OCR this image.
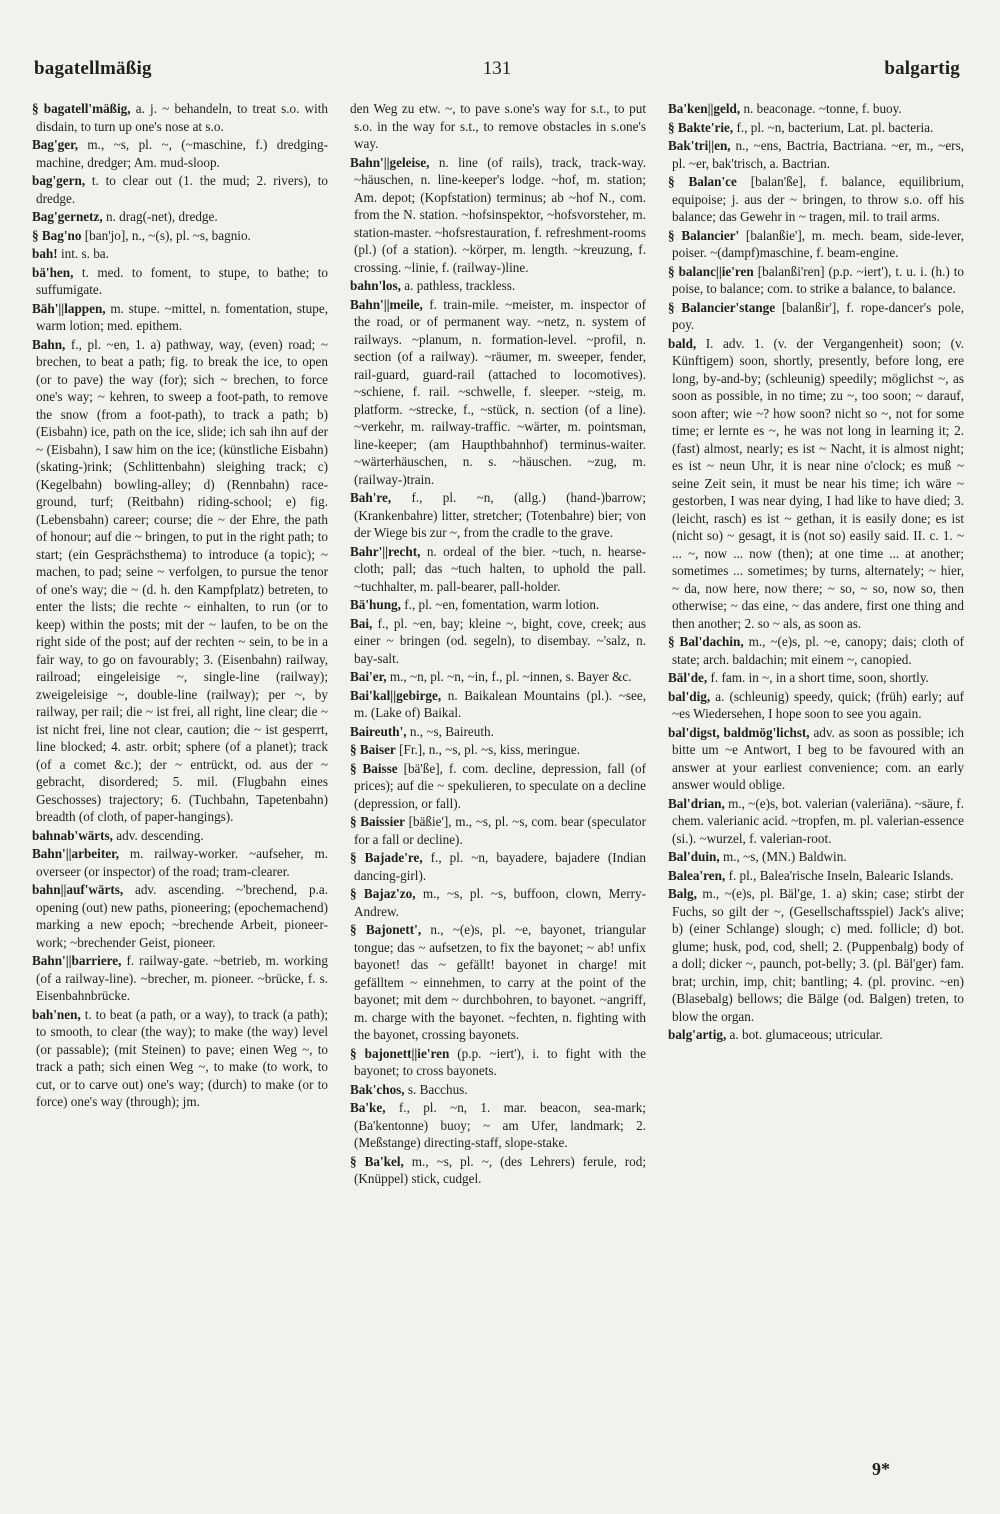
bagatellmäßig	131	balgartig

§ bagatell'mäßig, a. j. ~ behandeln, to treat s.o. with disdain, to turn up one's nose at s.o.

Bag'ger, m., ~s, pl. ~, (~maschine, f.) dredging-machine, dredger; Am. mud-sloop.

bag'gern, t. to clear out (1. the mud; 2. rivers), to dredge.

Bag'gernetz, n. drag(-net), dredge.

§ Bag'no [ban'jo], n., ~(s), pl. ~s, bagnio.

bah! int. s. ba.

bä'hen, t. med. to foment, to stupe, to bathe; to suffumigate.

Bäh'||lappen, m. stupe. ~mittel, n. fomentation, stupe, warm lotion; med. epithem.

Bahn, f., pl. ~en, 1. a) pathway, way, (even) road; ~ brechen, to beat a path; fig. to break the ice, to open (or to pave) the way (for); sich ~ brechen, to force one's way; ~ kehren, to sweep a foot-path, to remove the snow (from a foot-path), to track a path; b) (Eisbahn) ice, path on the ice, slide; ich sah ihn auf der ~ (Eisbahn), I saw him on the ice; (künstliche Eisbahn) (skating-)rink; (Schlittenbahn) sleighing track; c) (Kegelbahn) bowling-alley; d) (Rennbahn) race-ground, turf; (Reitbahn) riding-school; e) fig. (Lebensbahn) career; course; die ~ der Ehre, the path of honour; auf die ~ bringen, to put in the right path; to start; (ein Gesprächsthema) to introduce (a topic); ~ machen, to pad; seine ~ verfolgen, to pursue the tenor of one's way; die ~ (d. h. den Kampfplatz) betreten, to enter the lists; die rechte ~ einhalten, to run (or to keep) within the posts; mit der ~ laufen, to be on the right side of the post; auf der rechten ~ sein, to be in a fair way, to go on favourably; 3. (Eisenbahn) railway, railroad; eingeleisige ~, single-line (railway); zweigeleisige ~, double-line (railway); per ~, by railway, per rail; die ~ ist frei, all right, line clear; die ~ ist nicht frei, line not clear, caution; die ~ ist gesperrt, line blocked; 4. astr. orbit; sphere (of a planet); track (of a comet &c.); der ~ entrückt, od. aus der ~ gebracht, disordered; 5. mil. (Flugbahn eines Geschosses) trajectory; 6. (Tuchbahn, Tapetenbahn) breadth (of cloth, of paper-hangings).

bahnab'wärts, adv. descending.

Bahn'||arbeiter, m. railway-worker. ~aufseher, m. overseer (or inspector) of the road; tram-clearer.

bahn||auf'wärts, adv. ascending. ~'brechend, p.a. opening (out) new paths, pioneering; (epochemachend) marking a new epoch; ~brechende Arbeit, pioneer-work; ~brechender Geist, pioneer.

Bahn'||barriere, f. railway-gate. ~betrieb, m. working (of a railway-line). ~brecher, m. pioneer. ~brücke, f. s. Eisenbahnbrücke.

bah'nen, t. to beat (a path, or a way), to track (a path); to smooth, to clear (the way); to make (the way) level (or passable); (mit Steinen) to pave; einen Weg ~, to track a path; sich einen Weg ~, to make (to work, to cut, or to carve out) one's way; (durch) to make (or to force) one's way (through); jm.

den Weg zu etw. ~, to pave s.one's way for s.t., to put s.o. in the way for s.t., to remove obstacles in s.one's way.

Bahn'||geleise, n. line (of rails), track, track-way. ~häuschen, n. line-keeper's lodge. ~hof, m. station; Am. depot; (Kopfstation) terminus; ab ~hof N., com. from the N. station. ~hofsinspektor, ~hofsvorsteher, m. station-master. ~hofsrestauration, f. refreshment-rooms (pl.) (of a station). ~körper, m. length. ~kreuzung, f. crossing. ~linie, f. (railway-)line.

bahn'los, a. pathless, trackless.

Bahn'||meile, f. train-mile. ~meister, m. inspector of the road, or of permanent way. ~netz, n. system of railways. ~planum, n. formation-level. ~profil, n. section (of a railway). ~räumer, m. sweeper, fender, rail-guard, guard-rail (attached to locomotives). ~schiene, f. rail. ~schwelle, f. sleeper. ~steig, m. platform. ~strecke, f., ~stück, n. section (of a line). ~verkehr, m. railway-traffic. ~wärter, m. pointsman, line-keeper; (am Haupthbahnhof) terminus-waiter. ~wärterhäuschen, n. s. ~häuschen. ~zug, m. (railway-)train.

Bah're, f., pl. ~n, (allg.) (hand-)barrow; (Krankenbahre) litter, stretcher; (Totenbahre) bier; von der Wiege bis zur ~, from the cradle to the grave.

Bahr'||recht, n. ordeal of the bier. ~tuch, n. hearse-cloth; pall; das ~tuch halten, to uphold the pall. ~tuchhalter, m. pall-bearer, pall-holder.

Bä'hung, f., pl. ~en, fomentation, warm lotion.

Bai, f., pl. ~en, bay; kleine ~, bight, cove, creek; aus einer ~ bringen (od. segeln), to disembay. ~'salz, n. bay-salt.

Bai'er, m., ~n, pl. ~n, ~in, f., pl. ~innen, s. Bayer &c.

Bai'kal||gebirge, n. Baikalean Mountains (pl.). ~see, m. (Lake of) Baikal.

Baireuth', n., ~s, Baireuth.

§ Baiser [Fr.], n., ~s, pl. ~s, kiss, meringue.

§ Baisse [bä'ße], f. com. decline, depression, fall (of prices); auf die ~ spekulieren, to speculate on a decline (depression, or fall).

§ Baissier [bäßie'], m., ~s, pl. ~s, com. bear (speculator for a fall or decline).

§ Bajade're, f., pl. ~n, bayadere, bajadere (Indian dancing-girl).

§ Bajaz'zo, m., ~s, pl. ~s, buffoon, clown, Merry-Andrew.

§ Bajonett', n., ~(e)s, pl. ~e, bayonet, triangular tongue; das ~ aufsetzen, to fix the bayonet; ~ ab! unfix bayonet! das ~ gefällt! bayonet in charge! mit gefälltem ~ einnehmen, to carry at the point of the bayonet; mit dem ~ durchbohren, to bayonet. ~angriff, m. charge with the bayonet. ~fechten, n. fighting with the bayonet, crossing bayonets.

§ bajonett||ie'ren (p.p. ~iert'), i. to fight with the bayonet; to cross bayonets.

Bak'chos, s. Bacchus.

Ba'ke, f., pl. ~n, 1. mar. beacon, sea-mark; (Ba'kentonne) buoy; ~ am Ufer, landmark; 2. (Meßstange) directing-staff, slope-stake.

§ Ba'kel, m., ~s, pl. ~, (des Lehrers) ferule, rod; (Knüppel) stick, cudgel.

Ba'ken||geld, n. beaconage. ~tonne, f. buoy.

§ Bakte'rie, f., pl. ~n, bacterium, Lat. pl. bacteria.

Bak'tri||en, n., ~ens, Bactria, Bactriana. ~er, m., ~ers, pl. ~er, bak'trisch, a. Bactrian.

§ Balan'ce [balan'ße], f. balance, equilibrium, equipoise; j. aus der ~ bringen, to throw s.o. off his balance; das Gewehr in ~ tragen, mil. to trail arms.

§ Balancier' [balanßie'], m. mech. beam, side-lever, poiser. ~(dampf)maschine, f. beam-engine.

§ balanc||ie'ren [balanßi'ren] (p.p. ~iert'), t. u. i. (h.) to poise, to balance; com. to strike a balance, to balance.

§ Balancier'stange [balanßir'], f. rope-dancer's pole, poy.

bald, I. adv. 1. (v. der Vergangenheit) soon; (v. Künftigem) soon, shortly, presently, before long, ere long, by-and-by; (schleunig) speedily; möglichst ~, as soon as possible, in no time; zu ~, too soon; ~ darauf, soon after; wie ~? how soon? nicht so ~, not for some time; er lernte es ~, he was not long in learning it; 2. (fast) almost, nearly; es ist ~ Nacht, it is almost night; es ist ~ neun Uhr, it is near nine o'clock; es muß ~ seine Zeit sein, it must be near his time; ich wäre ~ gestorben, I was near dying, I had like to have died; 3. (leicht, rasch) es ist ~ gethan, it is easily done; es ist (nicht so) ~ gesagt, it is (not so) easily said. II. c. 1. ~ ... ~, now ... now (then); at one time ... at another; sometimes ... sometimes; by turns, alternately; ~ hier, ~ da, now here, now there; ~ so, ~ so, now so, then otherwise; ~ das eine, ~ das andere, first one thing and then another; 2. so ~ als, as soon as.

§ Bal'dachin, m., ~(e)s, pl. ~e, canopy; dais; cloth of state; arch. baldachin; mit einem ~, canopied.

Bäl'de, f. fam. in ~, in a short time, soon, shortly.

bal'dig, a. (schleunig) speedy, quick; (früh) early; auf ~es Wiedersehen, I hope soon to see you again.

bal'digst, baldmög'lichst, adv. as soon as possible; ich bitte um ~e Antwort, I beg to be favoured with an answer at your earliest convenience; com. an early answer would oblige.

Bal'drian, m., ~(e)s, bot. valerian (valeriāna). ~säure, f. chem. valerianic acid. ~tropfen, m. pl. valerian-essence (si.). ~wurzel, f. valerian-root.

Bal'duin, m., ~s, (MN.) Baldwin.

Balea'ren, f. pl., Balea'rische Inseln, Balearic Islands.

Balg, m., ~(e)s, pl. Bäl'ge, 1. a) skin; case; stirbt der Fuchs, so gilt der ~, (Gesellschaftsspiel) Jack's alive; b) (einer Schlange) slough; c) med. follicle; d) bot. glume; husk, pod, cod, shell; 2. (Puppenbalg) body of a doll; dicker ~, paunch, pot-belly; 3. (pl. Bäl'ger) fam. brat; urchin, imp, chit; bantling; 4. (pl. provinc. ~en) (Blasebalg) bellows; die Bälge (od. Balgen) treten, to blow the organ.

balg'artig, a. bot. glumaceous; utricular.

9*
